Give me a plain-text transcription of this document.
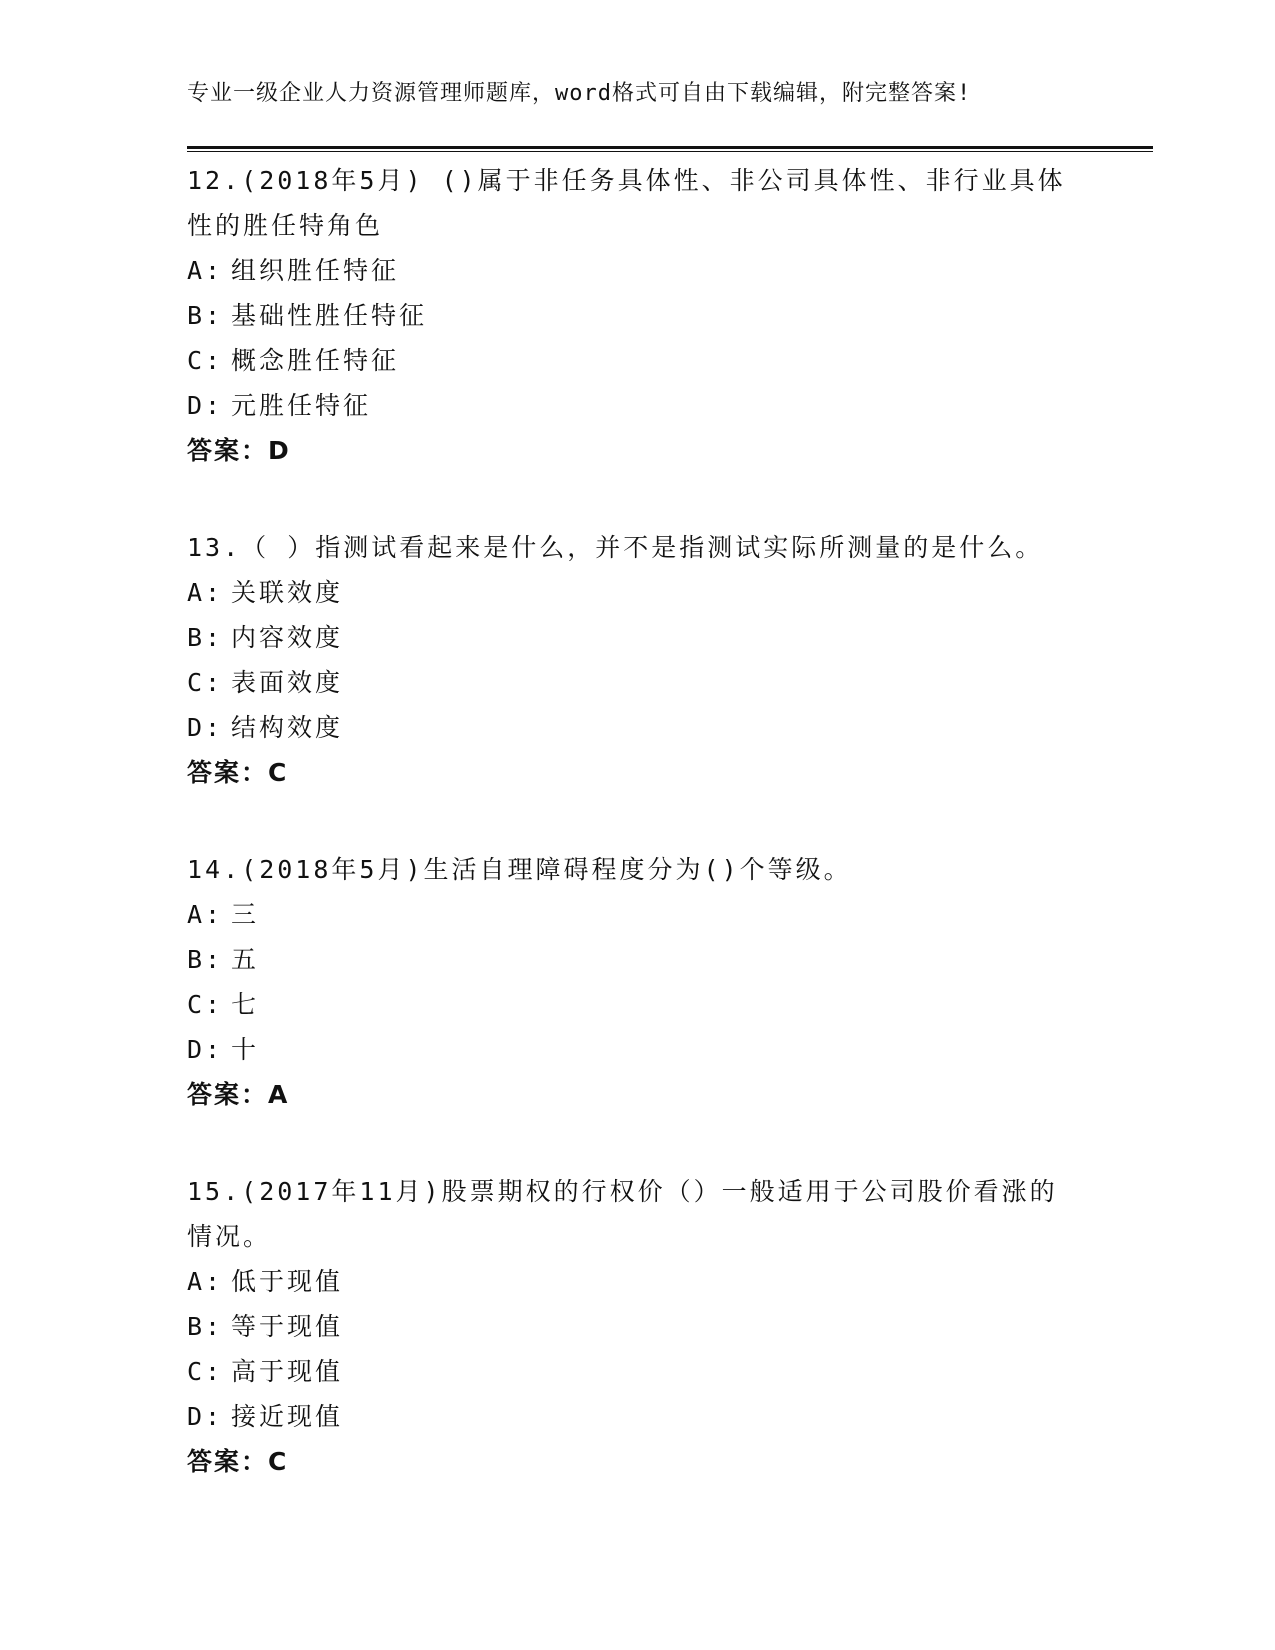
专业一级企业人力资源管理师题库，word格式可自由下载编辑，附完整答案!
12.(2018年5月) ()属于非任务具体性、非公司具体性、非行业具体性的胜任特角色
A: 组织胜任特征
B: 基础性胜任特征
C: 概念胜任特征
D: 元胜任特征
答案：D
13.（ ）指测试看起来是什么，并不是指测试实际所测量的是什么。
A: 关联效度
B: 内容效度
C: 表面效度
D: 结构效度
答案：C
14.(2018年5月)生活自理障碍程度分为()个等级。
A: 三
B: 五
C: 七
D: 十
答案：A
15.(2017年11月)股票期权的行权价（）一般适用于公司股价看涨的情况。
A: 低于现值
B: 等于现值
C: 高于现值
D: 接近现值
答案：C
